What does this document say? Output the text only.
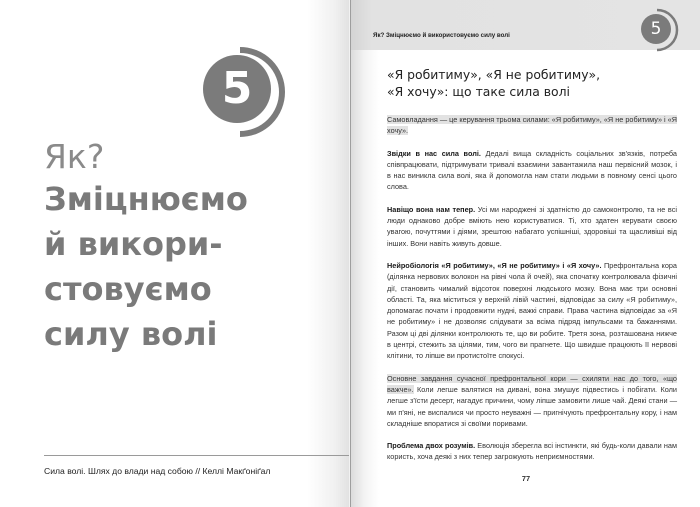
5
Як?
Зміцнюємо
й викори-
стовуємо
силу волі
Сила волі. Шлях до влади над собою // Келлі Макґоніґал
Як? Зміцнюємо й використовуємо силу волі	5
«Я робитиму», «Я не робитиму»,
«Я хочу»: що таке сила волі

Самовладання — це керування трьома силами: «Я робитиму», «Я не робитиму» і «Я хочу».

Звідки в нас сила волі. Дедалі вища складність соціальних зв'язків, потреба співпрацювати, підтримувати тривалі взаємини завантажила наш первісний мозок, і в нас виникла сила волі, яка й допомогла нам стати людьми в повному сенсі цього слова.

Навіщо вона нам тепер. Усі ми народжені зі здатністю до самоконтролю, та не всі люди однаково добре вміють нею користуватися. Ті, хто здатен керувати своєю увагою, почуттями і діями, зрештою набагато успішніші, здоровіші та щасливіші від інших. Вони навіть живуть довше.

Нейробіологія «Я робитиму», «Я не робитиму» і «Я хочу». Префронтальна кора (ділянка нервових волокон на рівні чола й очей), яка спочатку контролювала фізичні дії, становить чималий відсоток поверхні людського мозку. Вона має три основні області. Та, яка міститься у верхній лівій частині, відповідає за силу «Я робитиму», допомагає почати і продовжити нудні, важкі справи. Права частина відповідає за «Я не робитиму» і не дозволяє слідувати за всіма підряд імпульсами та бажаннями. Разом ці дві ділянки контролюють те, що ви робите. Третя зона, розташована нижче в центрі, стежить за цілями, тим, чого ви прагнете. Що швидше працюють її нервові клітини, то ліпше ви протистоїте спокусі.

Основне завдання сучасної префронтальної кори — схиляти нас до того, «що важче». Коли легше валятися на дивані, вона змушує підвестись і побігати. Коли легше з'їсти десерт, нагадує причини, чому ліпше замовити лише чай. Деякі стани — ми п'яні, не виспалися чи просто неуважні — пригнічують префронтальну кору, і нам складніше впоратися зі своїми поривами.

Проблема двох розумів. Еволюція зберегла всі інстинкти, які будь-коли давали нам користь, хоча деякі з них тепер загрожують неприємностями.

77
